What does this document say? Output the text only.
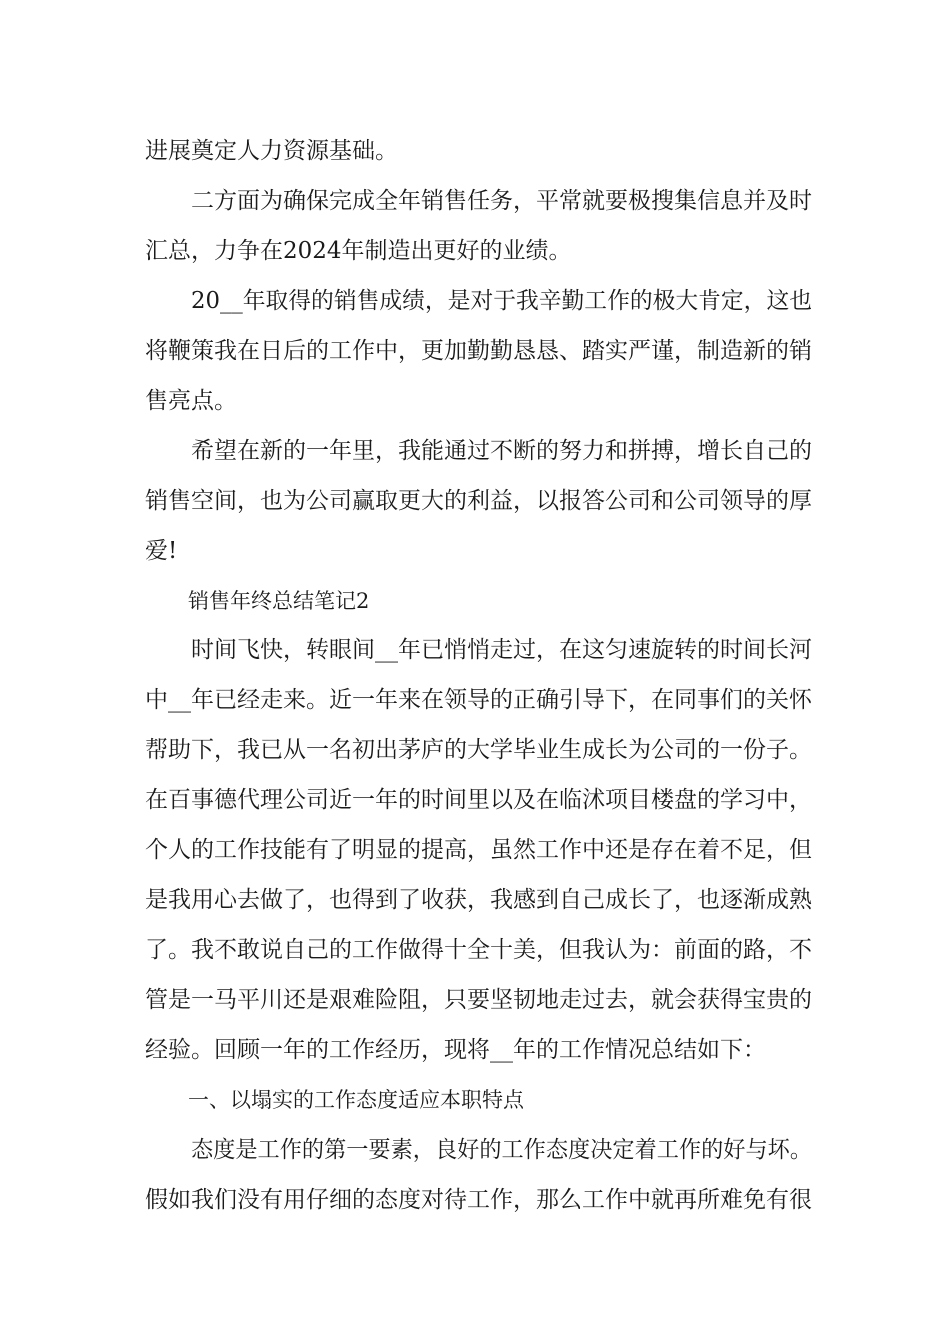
进展奠定人力资源基础。
二方面为确保完成全年销售任务，平常就要极搜集信息并及时
汇总，力争在2024年制造出更好的业绩。
20__年取得的销售成绩，是对于我辛勤工作的极大肯定，这也
将鞭策我在日后的工作中，更加勤勤恳恳、踏实严谨，制造新的销
售亮点。
希望在新的一年里，我能通过不断的努力和拼搏，增长自己的
销售空间，也为公司赢取更大的利益，以报答公司和公司领导的厚
爱!
销售年终总结笔记2
时间飞快，转眼间__年已悄悄走过，在这匀速旋转的时间长河
中__年已经走来。近一年来在领导的正确引导下，在同事们的关怀
帮助下，我已从一名初出茅庐的大学毕业生成长为公司的一份子。
在百事德代理公司近一年的时间里以及在临沭项目楼盘的学习中，
个人的工作技能有了明显的提高，虽然工作中还是存在着不足，但
是我用心去做了，也得到了收获，我感到自己成长了，也逐渐成熟
了。我不敢说自己的工作做得十全十美，但我认为：前面的路，不
管是一马平川还是艰难险阻，只要坚韧地走过去，就会获得宝贵的
经验。回顾一年的工作经历，现将__年的工作情况总结如下：
一、以塌实的工作态度适应本职特点
态度是工作的第一要素，良好的工作态度决定着工作的好与坏。
假如我们没有用仔细的态度对待工作，那么工作中就再所难免有很
